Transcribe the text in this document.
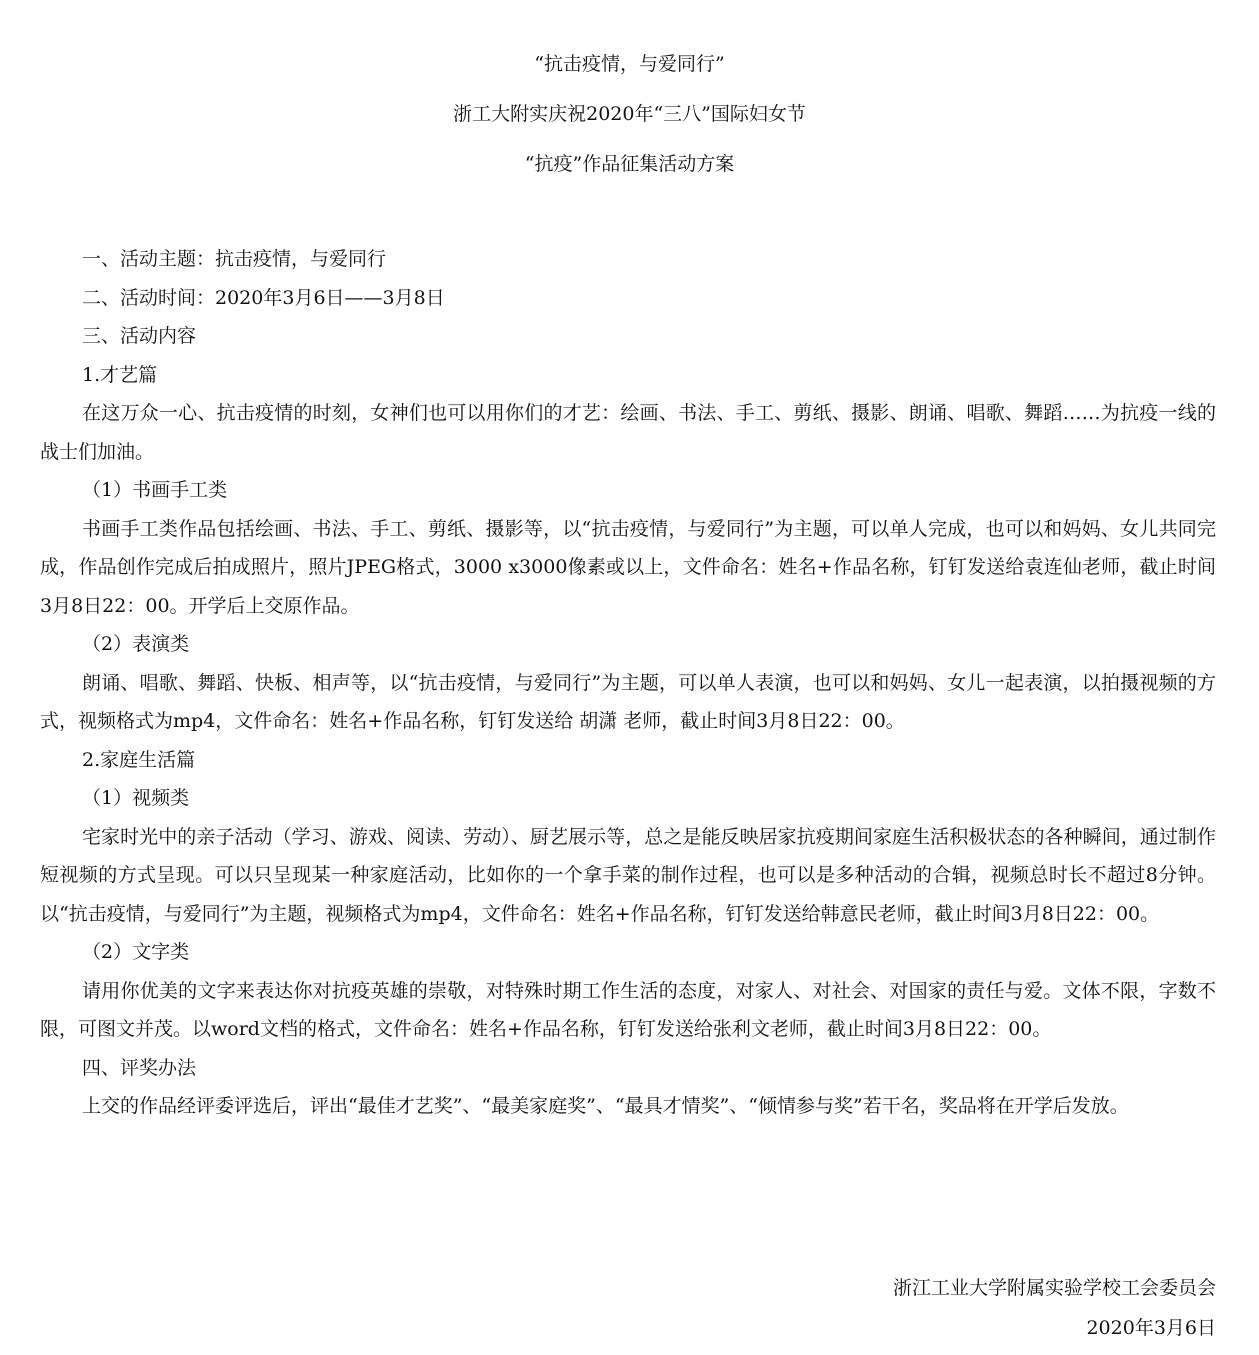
“抗击疫情，与爱同行”
浙工大附实庆祝2020年“三八”国际妇女节
“抗疫”作品征集活动方案

一、活动主题：抗击疫情，与爱同行

二、活动时间：2020年3月6日——3月8日

三、活动内容

1.才艺篇

在这万众一心、抗击疫情的时刻，女神们也可以用你们的才艺：绘画、书法、手工、剪纸、摄影、朗诵、唱歌、舞蹈……为抗疫一线的战士们加油。

（1）书画手工类

书画手工类作品包括绘画、书法、手工、剪纸、摄影等，以“抗击疫情，与爱同行”为主题，可以单人完成，也可以和妈妈、女儿共同完成，作品创作完成后拍成照片，照片JPEG格式，3000 x3000像素或以上，文件命名：姓名+作品名称，钉钉发送给袁连仙老师，截止时间3月8日22：00。开学后上交原作品。

（2）表演类

朗诵、唱歌、舞蹈、快板、相声等，以“抗击疫情，与爱同行”为主题，可以单人表演，也可以和妈妈、女儿一起表演，以拍摄视频的方式，视频格式为mp4，文件命名：姓名+作品名称，钉钉发送给 胡潇 老师，截止时间3月8日22：00。

2.家庭生活篇

（1）视频类

宅家时光中的亲子活动（学习、游戏、阅读、劳动）、厨艺展示等，总之是能反映居家抗疫期间家庭生活积极状态的各种瞬间，通过制作短视频的方式呈现。可以只呈现某一种家庭活动，比如你的一个拿手菜的制作过程，也可以是多种活动的合辑，视频总时长不超过8分钟。以“抗击疫情，与爱同行”为主题，视频格式为mp4，文件命名：姓名+作品名称，钉钉发送给韩意民老师，截止时间3月8日22：00。

（2）文字类

请用你优美的文字来表达你对抗疫英雄的崇敬，对特殊时期工作生活的态度，对家人、对社会、对国家的责任与爱。文体不限，字数不限，可图文并茂。以word文档的格式，文件命名：姓名+作品名称，钉钉发送给张利文老师，截止时间3月8日22：00。

四、评奖办法

上交的作品经评委评选后，评出“最佳才艺奖”、“最美家庭奖”、“最具才情奖”、“倾情参与奖”若干名，奖品将在开学后发放。

浙江工业大学附属实验学校工会委员会
2020年3月6日
